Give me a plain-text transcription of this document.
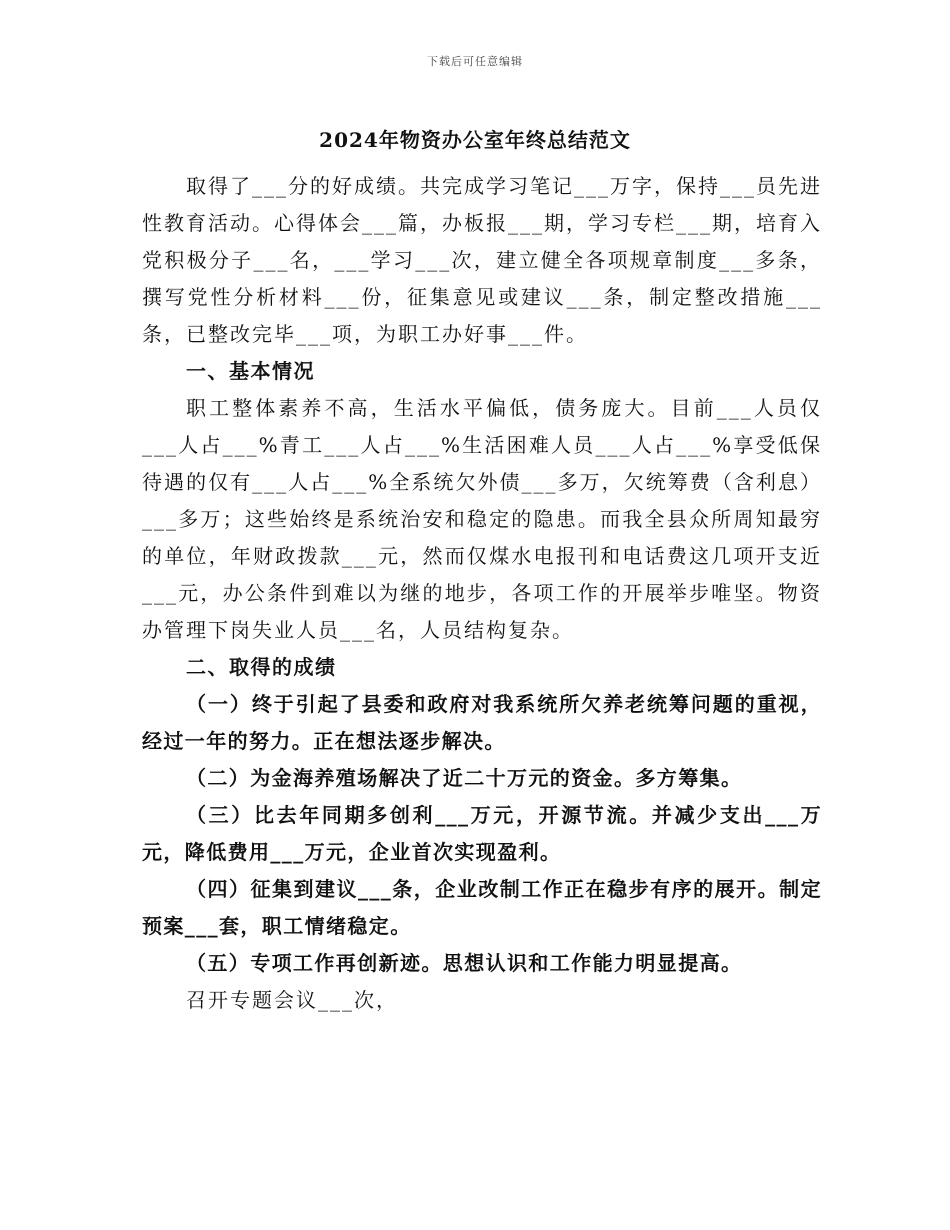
下载后可任意编辑
2024年物资办公室年终总结范文

取得了___分的好成绩。共完成学习笔记___万字，保持___员先进性教育活动。心得体会___篇，办板报___期，学习专栏___期，培育入党积极分子___名，___学习___次，建立健全各项规章制度___多条，撰写党性分析材料___份，征集意见或建议___条，制定整改措施___条，已整改完毕___项，为职工办好事___件。

一、基本情况

职工整体素养不高，生活水平偏低，债务庞大。目前___人员仅___人占___%青工___人占___%生活困难人员___人占___%享受低保待遇的仅有___人占___%全系统欠外债___多万，欠统筹费（含利息）___多万；这些始终是系统治安和稳定的隐患。而我全县众所周知最穷的单位，年财政拨款___元，然而仅煤水电报刊和电话费这几项开支近___元，办公条件到难以为继的地步，各项工作的开展举步唯坚。物资办管理下岗失业人员___名，人员结构复杂。

二、取得的成绩

（一）终于引起了县委和政府对我系统所欠养老统筹问题的重视，经过一年的努力。正在想法逐步解决。

（二）为金海养殖场解决了近二十万元的资金。多方筹集。

（三）比去年同期多创利___万元，开源节流。并减少支出___万元，降低费用___万元，企业首次实现盈利。

（四）征集到建议___条，企业改制工作正在稳步有序的展开。制定预案___套，职工情绪稳定。

（五）专项工作再创新迹。思想认识和工作能力明显提高。

召开专题会议___次，
